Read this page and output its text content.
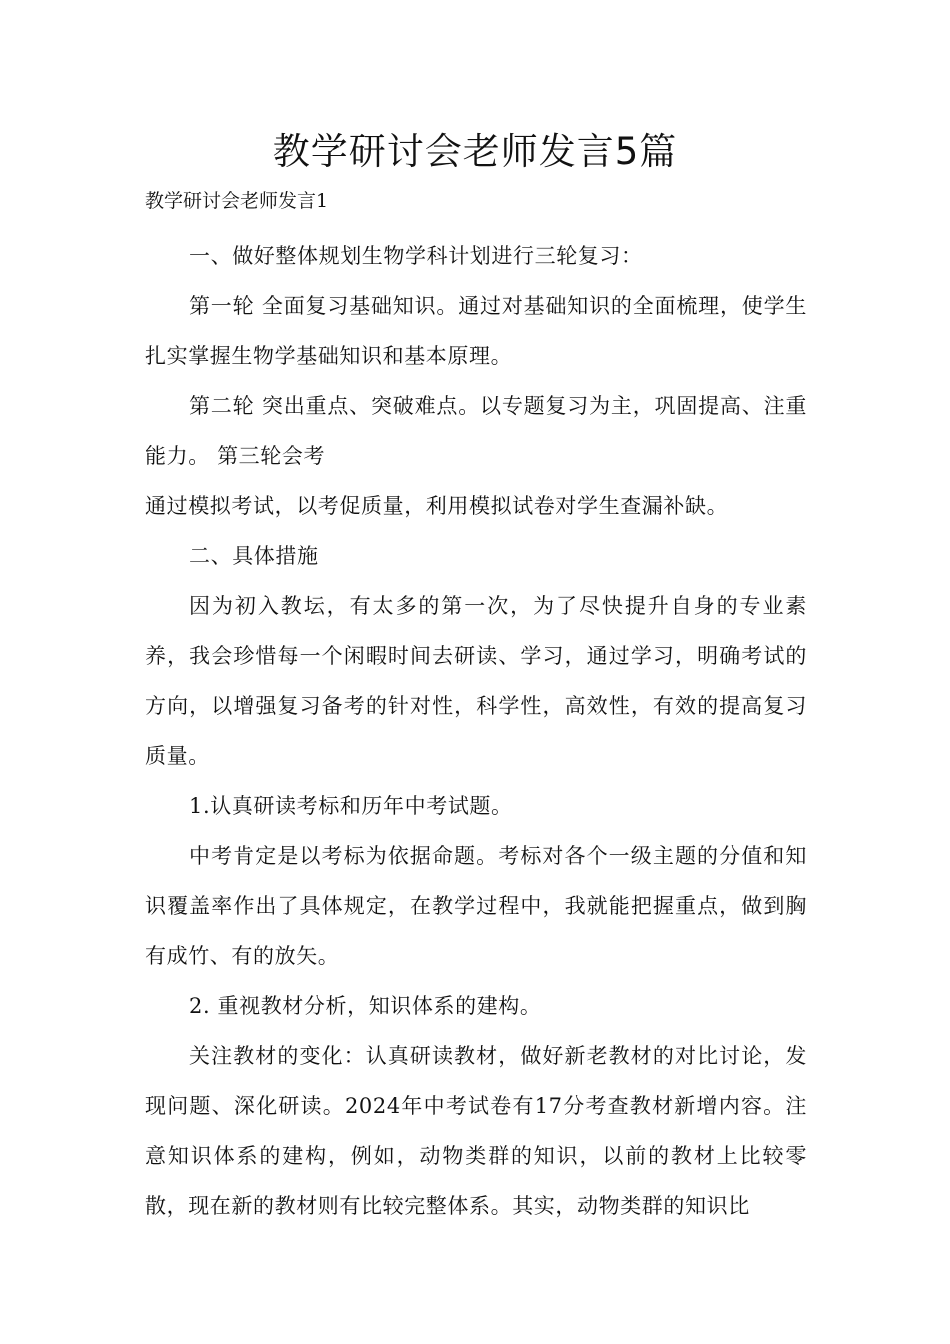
教学研讨会老师发言5篇

教学研讨会老师发言1

一、做好整体规划生物学科计划进行三轮复习：

第一轮 全面复习基础知识。通过对基础知识的全面梳理，使学生扎实掌握生物学基础知识和基本原理。

第二轮 突出重点、突破难点。以专题复习为主，巩固提高、注重能力。 第三轮会考

通过模拟考试，以考促质量，利用模拟试卷对学生查漏补缺。

二、具体措施

因为初入教坛，有太多的第一次，为了尽快提升自身的专业素养，我会珍惜每一个闲暇时间去研读、学习，通过学习，明确考试的方向，以增强复习备考的针对性，科学性，高效性，有效的提高复习质量。

1.认真研读考标和历年中考试题。

中考肯定是以考标为依据命题。考标对各个一级主题的分值和知识覆盖率作出了具体规定，在教学过程中，我就能把握重点，做到胸有成竹、有的放矢。

2. 重视教材分析，知识体系的建构。

关注教材的变化：认真研读教材，做好新老教材的对比讨论，发现问题、深化研读。2024年中考试卷有17分考查教材新增内容。注意知识体系的建构，例如，动物类群的知识，以前的教材上比较零散，现在新的教材则有比较完整体系。其实，动物类群的知识比
